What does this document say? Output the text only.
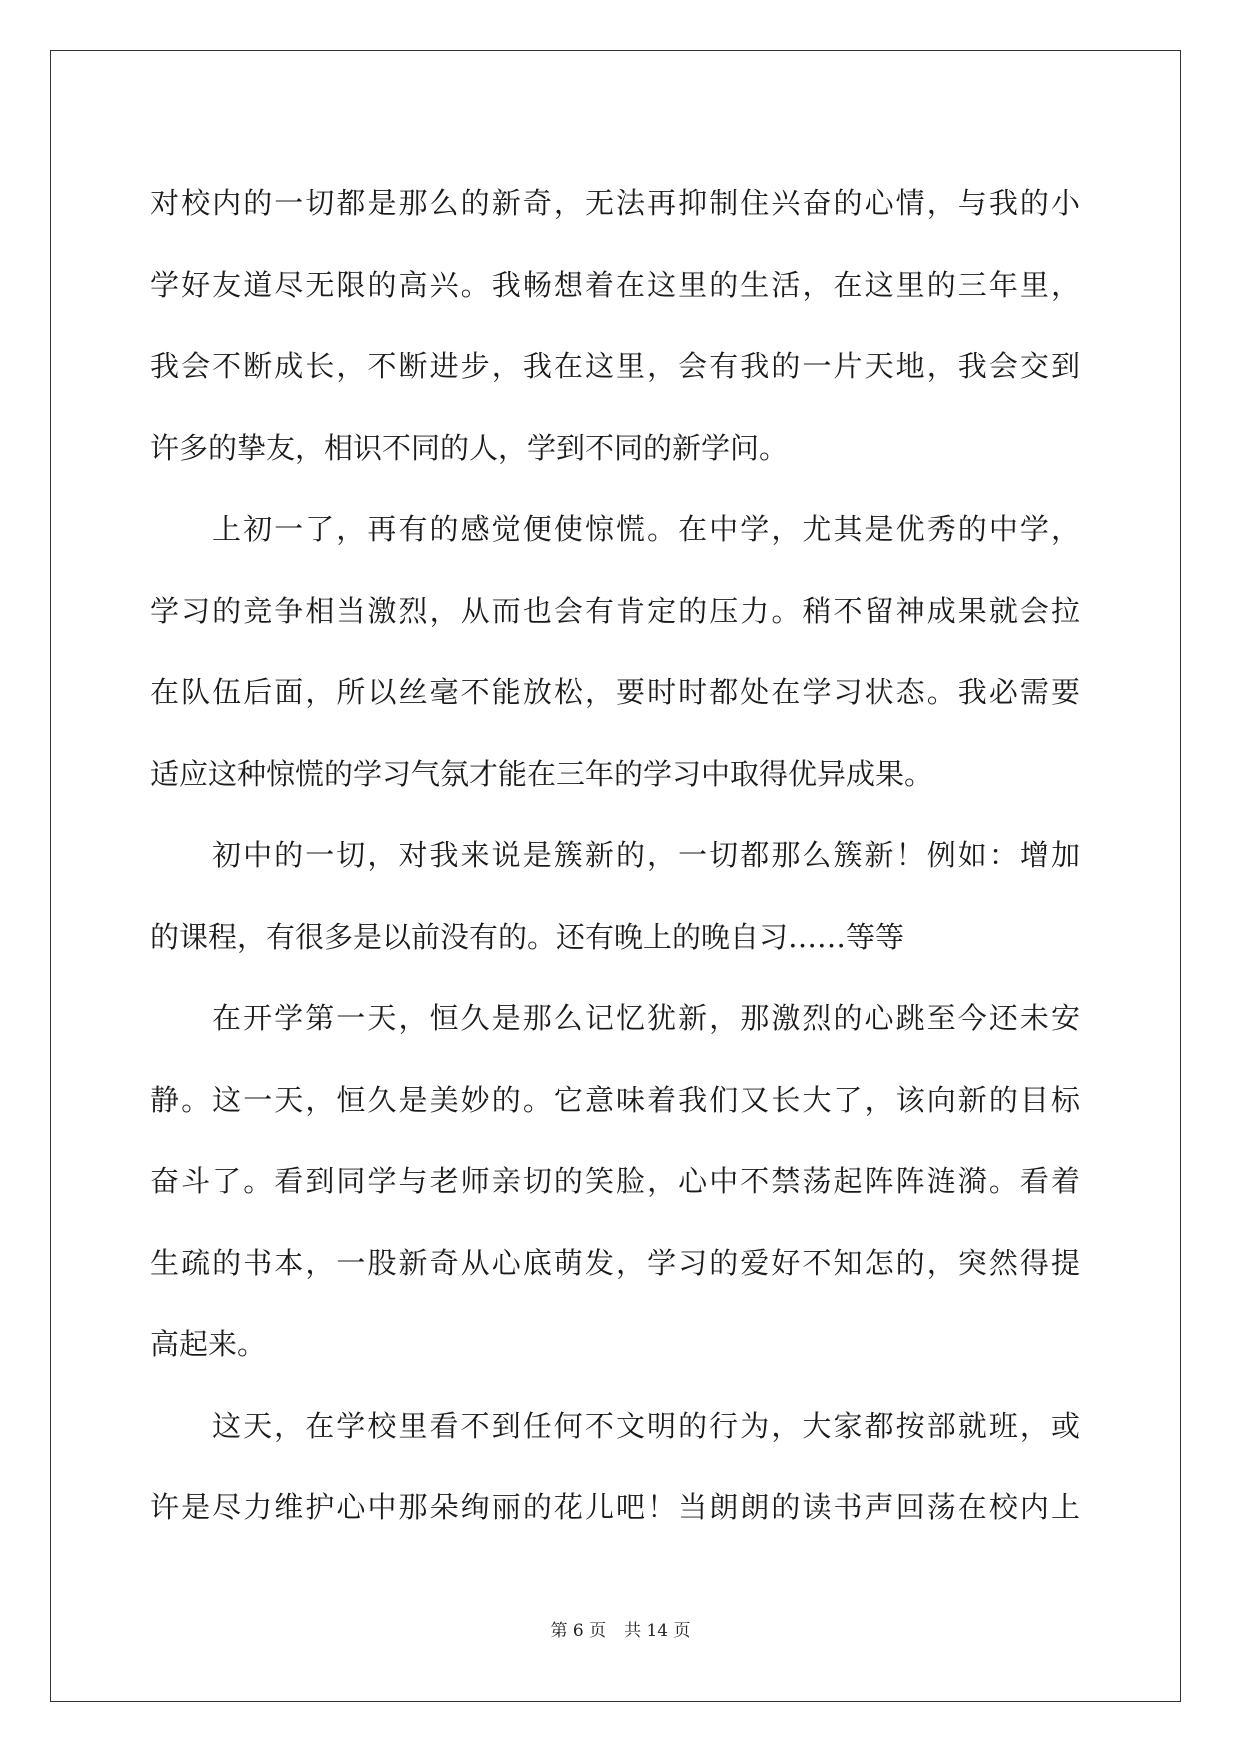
对校内的一切都是那么的新奇，无法再抑制住兴奋的心情，与我的小
学好友道尽无限的高兴。我畅想着在这里的生活，在这里的三年里，
我会不断成长，不断进步，我在这里，会有我的一片天地，我会交到
许多的挚友，相识不同的人，学到不同的新学问。
上初一了，再有的感觉便使惊慌。在中学，尤其是优秀的中学，
学习的竞争相当激烈，从而也会有肯定的压力。稍不留神成果就会拉
在队伍后面，所以丝毫不能放松，要时时都处在学习状态。我必需要
适应这种惊慌的学习气氛才能在三年的学习中取得优异成果。
初中的一切，对我来说是簇新的，一切都那么簇新！例如：增加
的课程，有很多是以前没有的。还有晚上的晚自习……等等
在开学第一天，恒久是那么记忆犹新，那激烈的心跳至今还未安
静。这一天，恒久是美妙的。它意味着我们又长大了，该向新的目标
奋斗了。看到同学与老师亲切的笑脸，心中不禁荡起阵阵涟漪。看着
生疏的书本，一股新奇从心底萌发，学习的爱好不知怎的，突然得提
高起来。
这天，在学校里看不到任何不文明的行为，大家都按部就班，或
许是尽力维护心中那朵绚丽的花儿吧！当朗朗的读书声回荡在校内上
第 6 页 共 14 页
